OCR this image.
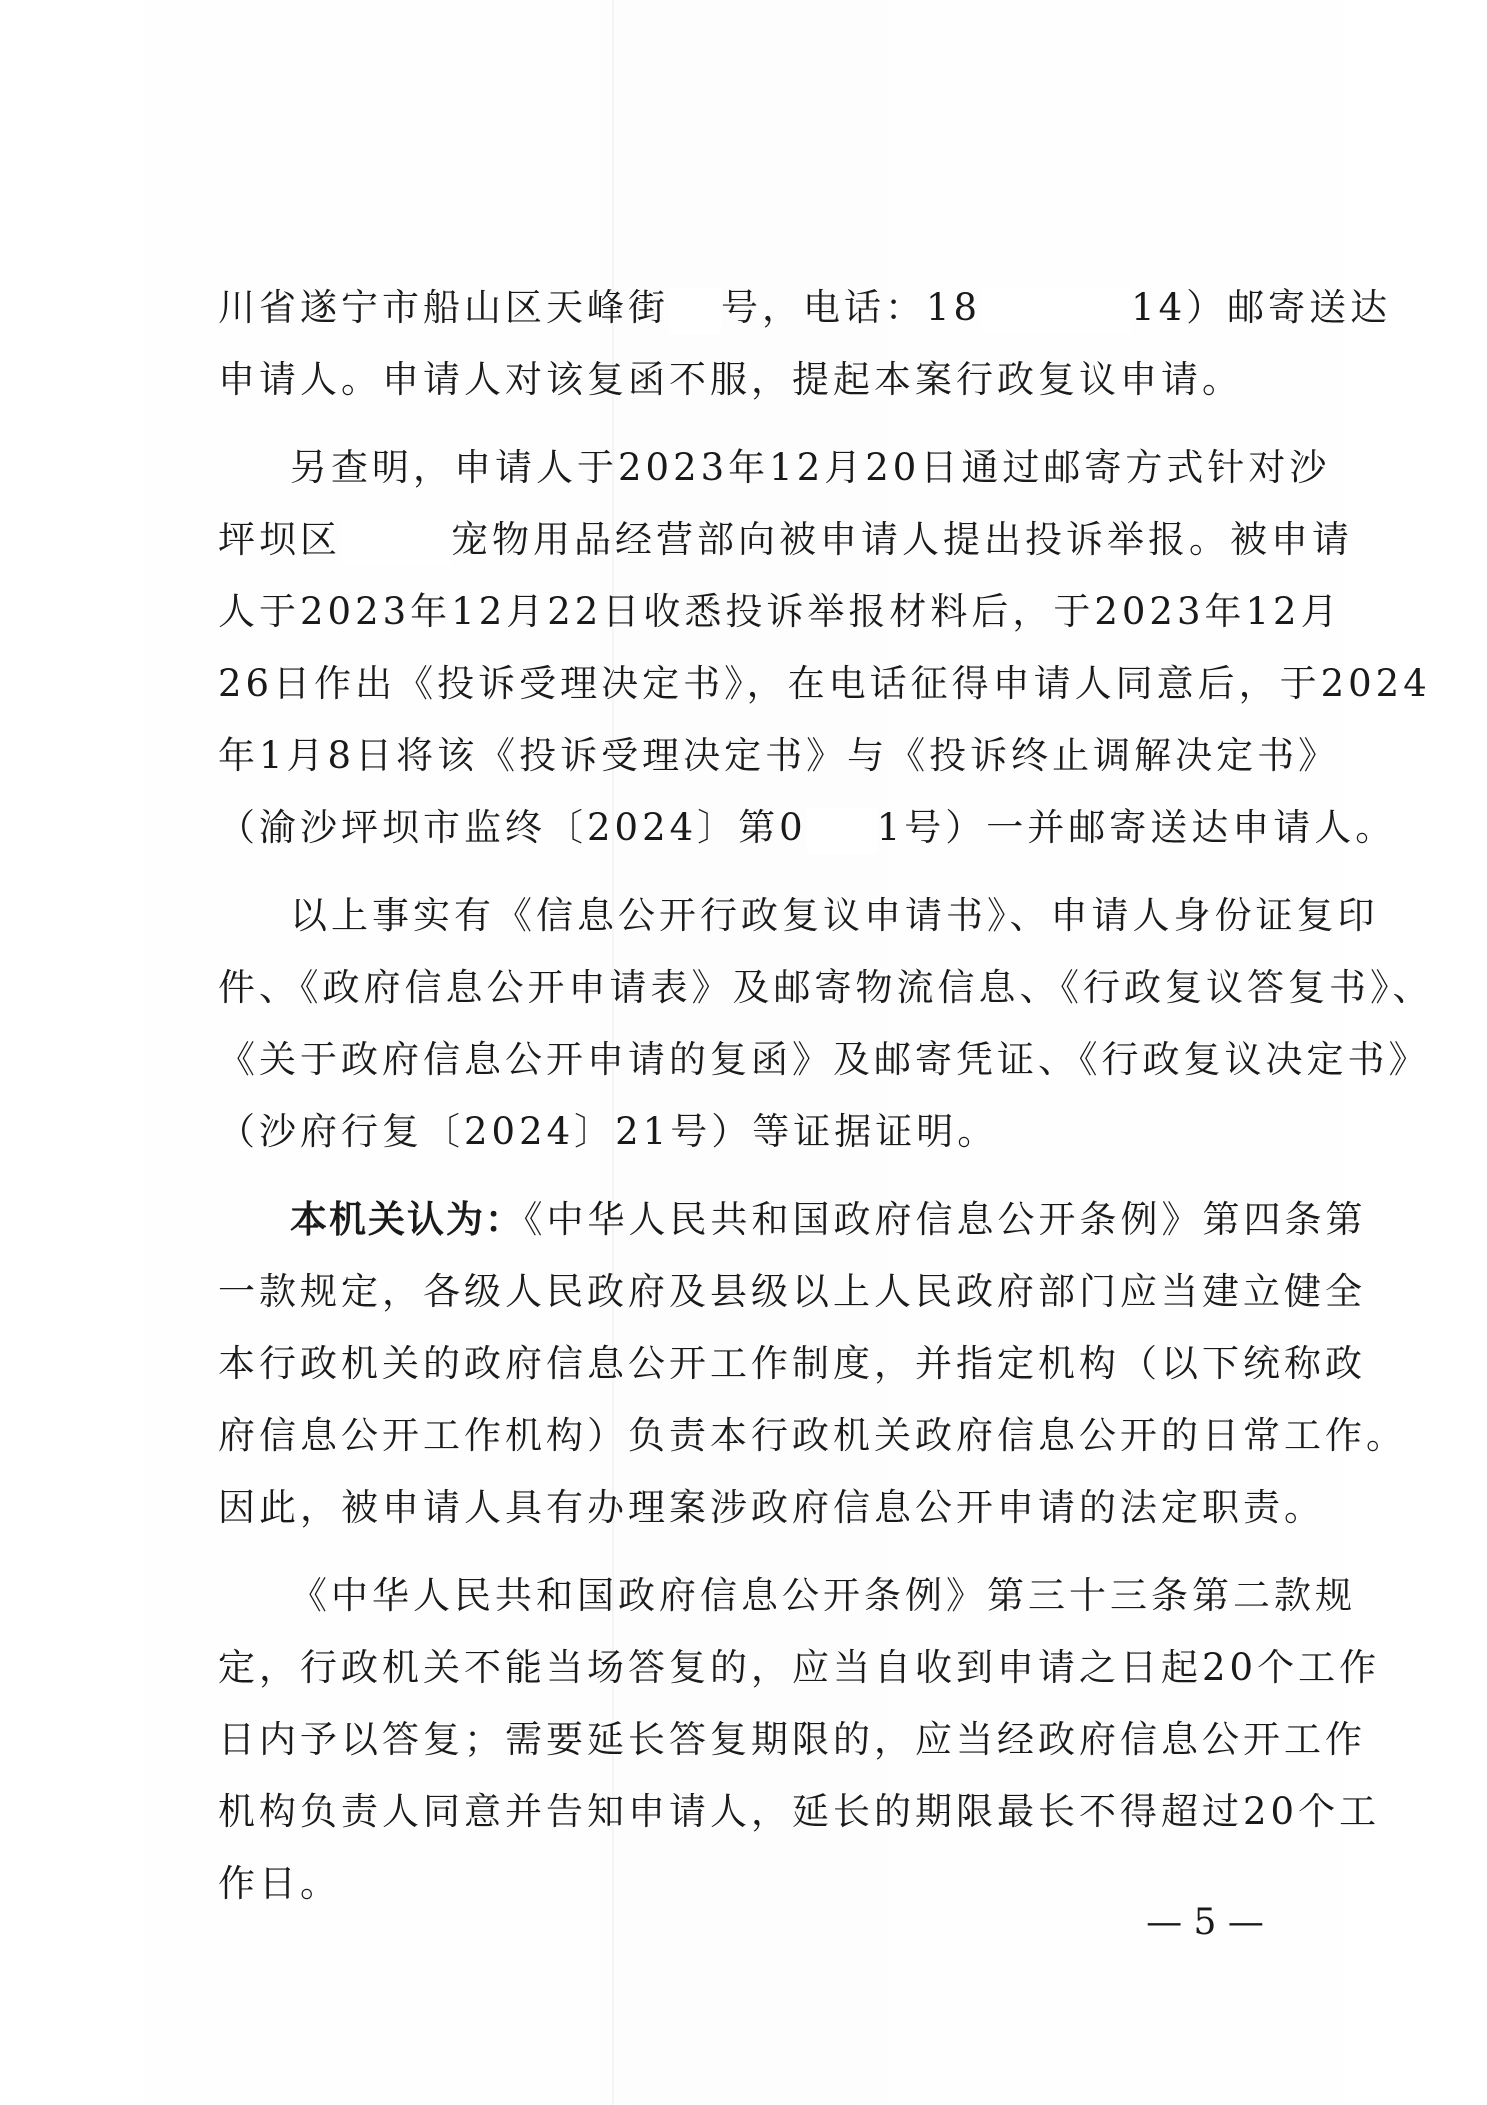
川省遂宁市船山区天峰街 号，电话：18	14）邮寄送达
申请人。申请人对该复函不服，提起本案行政复议申请。
另查明，申请人于2023年12月20日通过邮寄方式针对沙
坪坝区	宠物用品经营部向被申请人提出投诉举报。被申请
人于2023年12月22日收悉投诉举报材料后，于2023年12月
26日作出《投诉受理决定书》，在电话征得申请人同意后，于2024
年1月8日将该《投诉受理决定书》与《投诉终止调解决定书》
（渝沙坪坝市监终〔2024〕第0 1号）一并邮寄送达申请人。
以上事实有《信息公开行政复议申请书》、申请人身份证复印
件、《政府信息公开申请表》及邮寄物流信息、《行政复议答复书》、
《关于政府信息公开申请的复函》及邮寄凭证、《行政复议决定书》
（沙府行复〔2024〕21号）等证据证明。
本机关认为：《中华人民共和国政府信息公开条例》第四条第
一款规定，各级人民政府及县级以上人民政府部门应当建立健全
本行政机关的政府信息公开工作制度，并指定机构（以下统称政
府信息公开工作机构）负责本行政机关政府信息公开的日常工作。
因此，被申请人具有办理案涉政府信息公开申请的法定职责。
《中华人民共和国政府信息公开条例》第三十三条第二款规
定，行政机关不能当场答复的，应当自收到申请之日起20个工作
日内予以答复；需要延长答复期限的，应当经政府信息公开工作
机构负责人同意并告知申请人，延长的期限最长不得超过20个工
作日。
— 5 —
